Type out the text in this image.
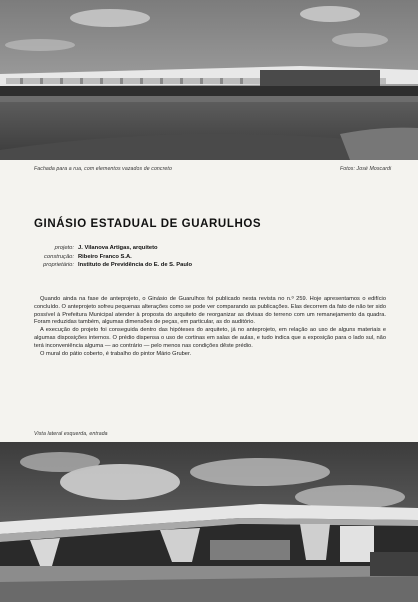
Fachada para a rua, com elementos vazados de concreto	Fotos: José Moscardi
GINÁSIO ESTADUAL DE GUARULHOS
projeto: J. Vilanova Artigas, arquiteto
construção: Ribeiro Franco S.A.
proprietário: Instituto de Previdência do E. de S. Paulo

Quando ainda na fase de anteprojeto, o Ginásio de Guarulhos foi publicado nesta revista no n.º 259. Hoje apresentamos o edifício concluído. O anteprojeto sofreu pequenas alterações como se pode ver comparando as publicações. Elas decorrem da fato de não ter sido possível à Prefeitura Municipal atender à proposta do arquiteto de reorganizar as divisas do terreno com um remanejamento da quadra. Foram reduzidas também, algumas dimensões de peças, em particular, as do auditório.

A execução do projeto foi conseguida dentro das hipóteses do arquiteto, já no anteprojeto, em relação ao uso de alguns materiais e algumas disposições internos. O prédio dispensa o uso de cortinas em salas de aulas, e tudo indica que a exposição para o lado sul, não terá inconveniência alguma — ao contrário — pelo menos nas condições dêste prédio.

O mural do pátio coberto, é trabalho do pintor Mário Gruber.

Vista lateral esquerda, entrada
